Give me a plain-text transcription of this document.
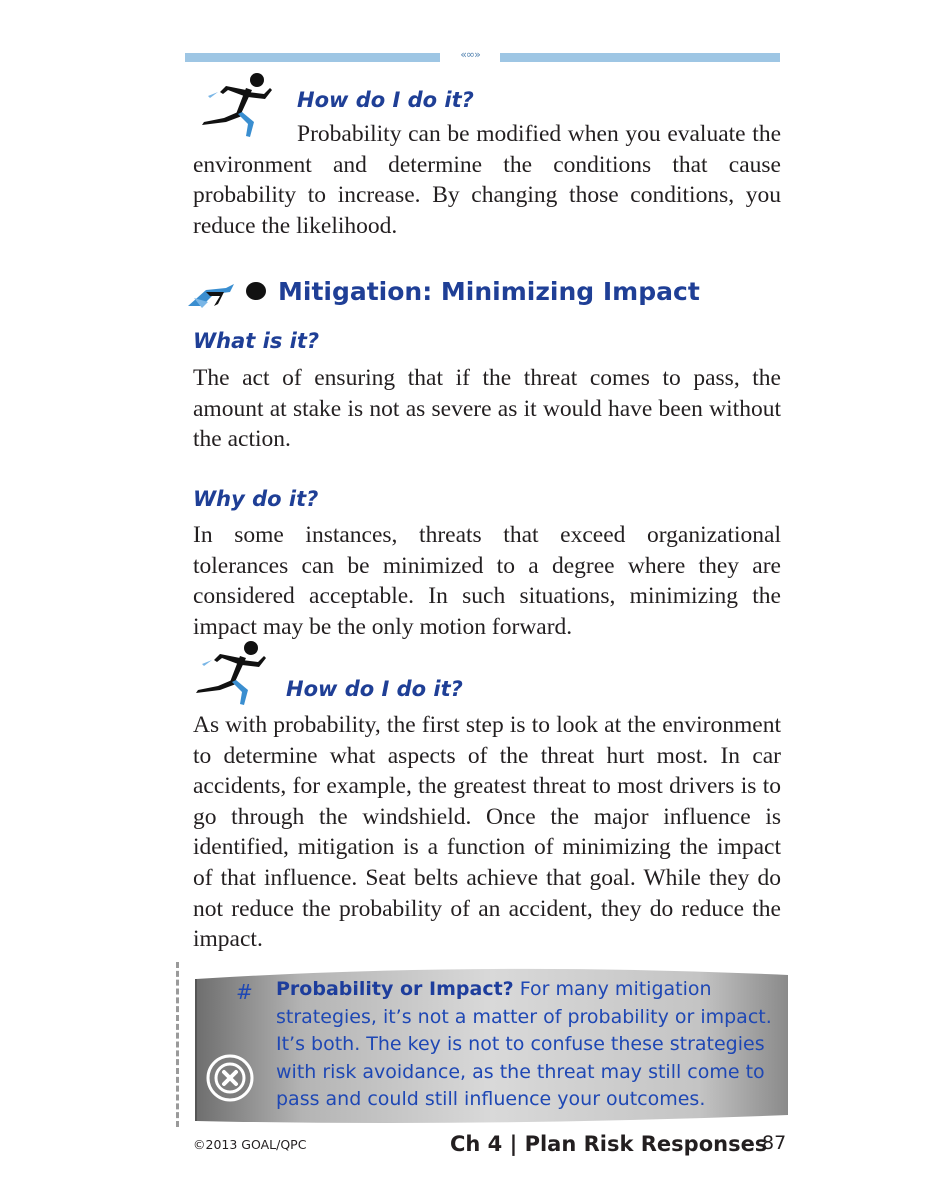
«∞»
How do I do it?
Probability can be modified when you evaluate the environment and determine the conditions that cause probability to increase. By changing those conditions, you reduce the likelihood.
Mitigation: Minimizing Impact
What is it?
The act of ensuring that if the threat comes to pass, the amount at stake is not as severe as it would have been without the action.
Why do it?
In some instances, threats that exceed organizational tolerances can be minimized to a degree where they are considered acceptable. In such situations, minimizing the impact may be the only motion forward.
How do I do it?
As with probability, the first step is to look at the environment to determine what aspects of the threat hurt most. In car accidents, for example, the greatest threat to most drivers is to go through the windshield. Once the major influence is identified, mitigation is a function of minimizing the impact of that influence. Seat belts achieve that goal. While they do not reduce the probability of an accident, they do reduce the impact.
# Probability or Impact? For many mitigation strategies, it’s not a matter of probability or impact. It’s both. The key is not to confuse these strategies with risk avoidance, as the threat may still come to pass and could still influence your outcomes.
©2013 GOAL/QPC	Ch 4 | Plan Risk Responses
87
